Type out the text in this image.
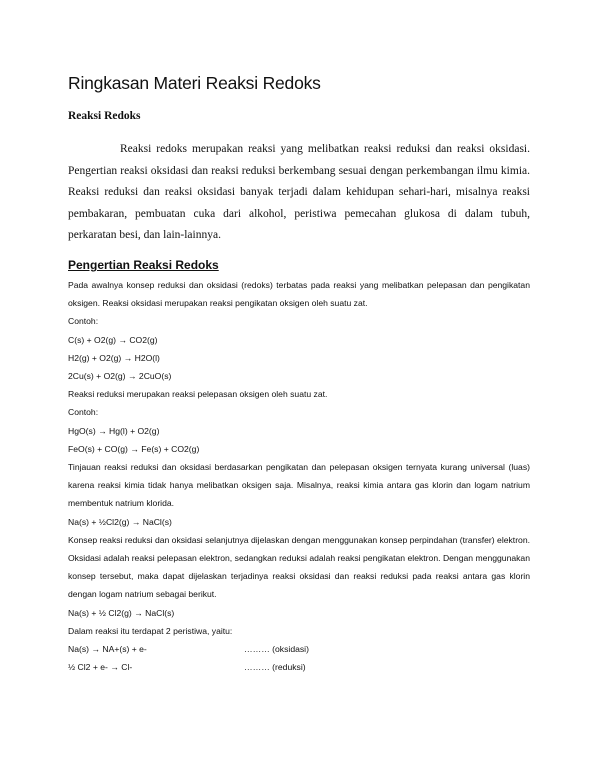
Ringkasan Materi Reaksi Redoks
Reaksi Redoks

Reaksi redoks merupakan reaksi yang melibatkan reaksi reduksi dan reaksi oksidasi. Pengertian reaksi oksidasi dan reaksi reduksi berkembang sesuai dengan perkembangan ilmu kimia. Reaksi reduksi dan reaksi oksidasi banyak terjadi dalam kehidupan sehari-hari, misalnya reaksi pembakaran, pembuatan cuka dari alkohol, peristiwa pemecahan glukosa di dalam tubuh, perkaratan besi, dan lain-lainnya.

Pengertian Reaksi Redoks

Pada awalnya konsep reduksi dan oksidasi (redoks) terbatas pada reaksi yang melibatkan pelepasan dan pengikatan oksigen. Reaksi oksidasi merupakan reaksi pengikatan oksigen oleh suatu zat.

Contoh:

C(s) + O2(g) → CO2(g)

H2(g) + O2(g) → H2O(l)

2Cu(s) + O2(g) → 2CuO(s)

Reaksi reduksi merupakan reaksi pelepasan oksigen oleh suatu zat.

Contoh:

HgO(s) → Hg(l) + O2(g)

FeO(s) + CO(g) → Fe(s) + CO2(g)

Tinjauan reaksi reduksi dan oksidasi berdasarkan pengikatan dan pelepasan oksigen ternyata kurang universal (luas) karena reaksi kimia tidak hanya melibatkan oksigen saja. Misalnya, reaksi kimia antara gas klorin dan logam natrium membentuk natrium klorida.

Na(s) + ½Cl2(g) → NaCl(s)

Konsep reaksi reduksi dan oksidasi selanjutnya dijelaskan dengan menggunakan konsep perpindahan (transfer) elektron. Oksidasi adalah reaksi pelepasan elektron, sedangkan reduksi adalah reaksi pengikatan elektron. Dengan menggunakan konsep tersebut, maka dapat dijelaskan terjadinya reaksi oksidasi dan reaksi reduksi pada reaksi antara gas klorin dengan logam natrium sebagai berikut.

Na(s) + ½ Cl2(g) → NaCl(s)

Dalam reaksi itu terdapat 2 peristiwa, yaitu:

Na(s) → NA+(s) + e-	……… (oksidasi)
½ Cl2 + e- → Cl-	……… (reduksi)
